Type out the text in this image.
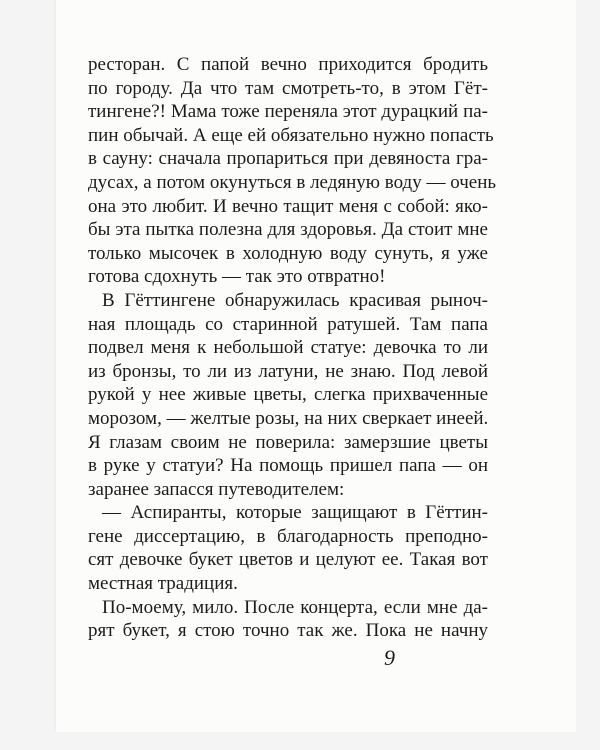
ресторан. С папой вечно приходится бродить
по городу. Да что там смотреть-то, в этом Гёт-
тингене?! Мама тоже переняла этот дурацкий па-
пин обычай. А еще ей обязательно нужно попасть
в сауну: сначала пропариться при девяноста гра-
дусах, а потом окунуться в ледяную воду — очень
она это любит. И вечно тащит меня с собой: яко-
бы эта пытка полезна для здоровья. Да стоит мне
только мысочек в холодную воду сунуть, я уже
готова сдохнуть — так это отвратно!
В Гёттингене обнаружилась красивая рыноч-
ная площадь со старинной ратушей. Там папа
подвел меня к небольшой статуе: девочка то ли
из бронзы, то ли из латуни, не знаю. Под левой
рукой у нее живые цветы, слегка прихваченные
морозом, — желтые розы, на них сверкает инеей.
Я глазам своим не поверила: замерзшие цветы
в руке у статуи? На помощь пришел папа — он
заранее запасся путеводителем:
— Аспиранты, которые защищают в Гёттин-
гене диссертацию, в благодарность преподно-
сят девочке букет цветов и целуют ее. Такая вот
местная традиция.
По-моему, мило. После концерта, если мне да-
рят букет, я стою точно так же. Пока не начну
9
